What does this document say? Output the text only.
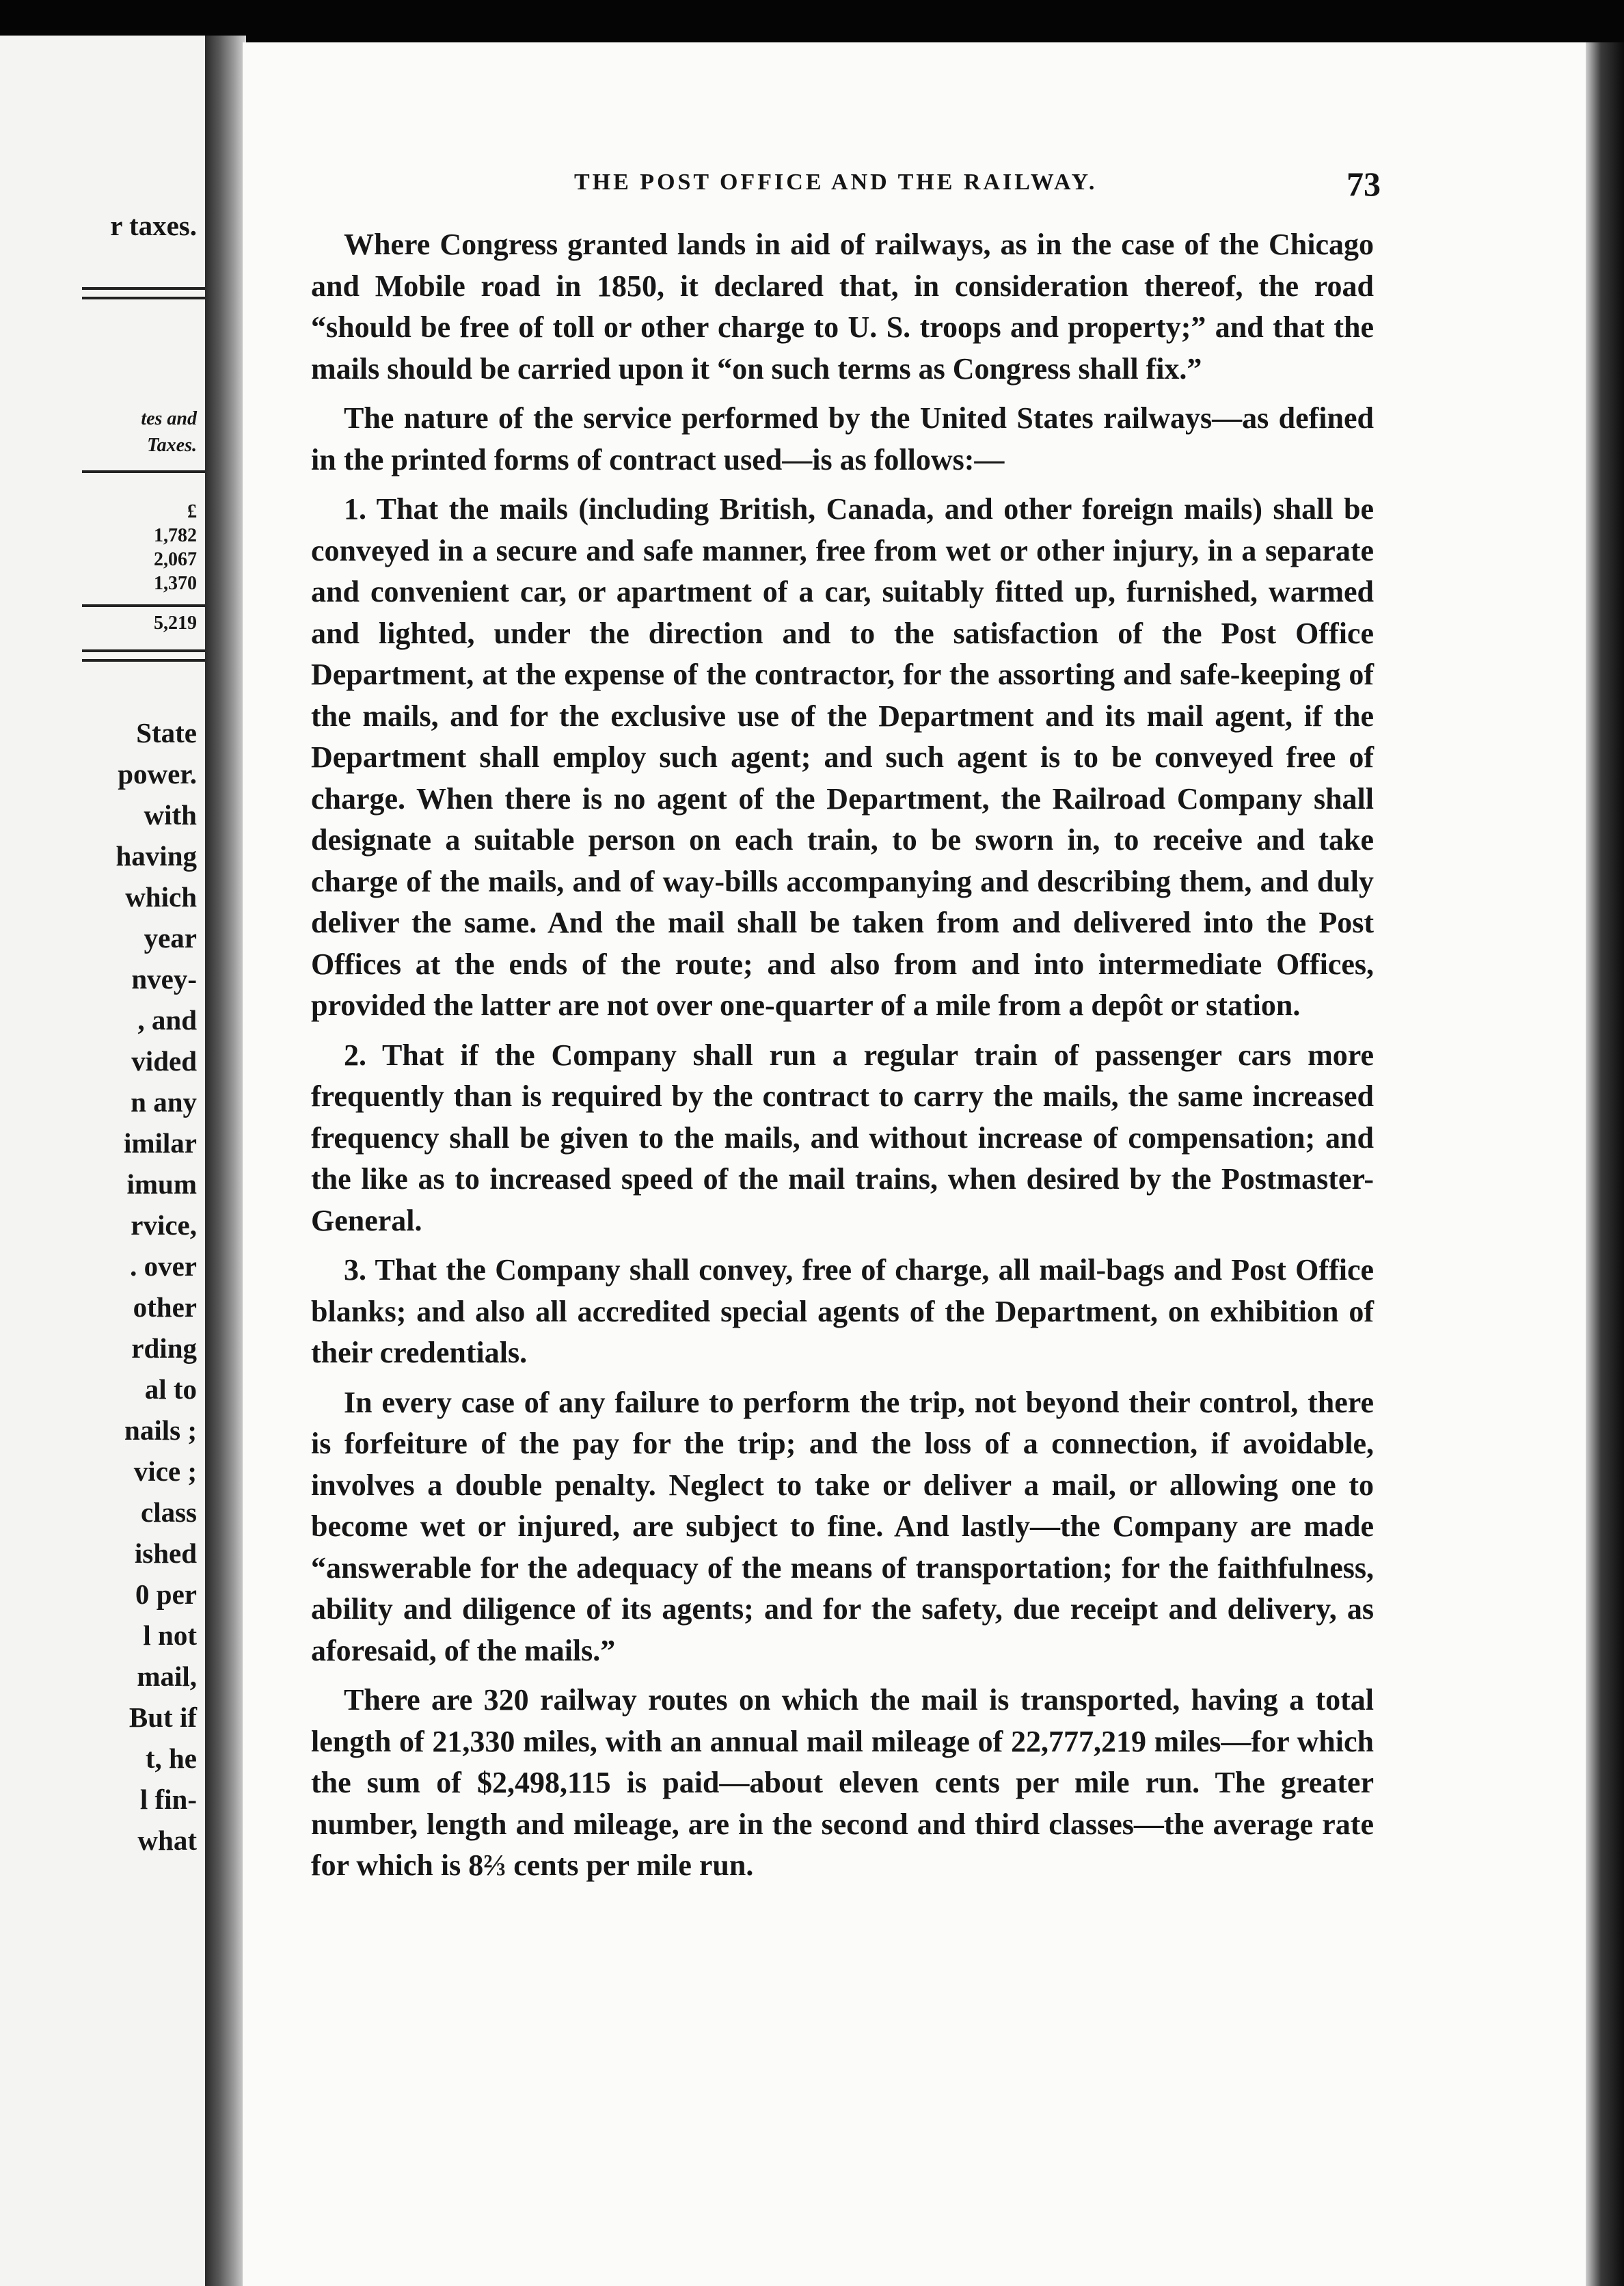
r taxes.
tes and
Taxes.
£
1,782
2,067
1,370
5,219
State
power.
with
having
which
year
nvey-
, and
vided
n any
imilar
imum
rvice,
. over
other
rding
al to
nails ;
vice ;
class
ished
0 per
l not
mail,
But if
t, he
l fin-
what
THE POST OFFICE AND THE RAILWAY.	73

Where Congress granted lands in aid of railways, as in the case of the Chicago and Mobile road in 1850, it declared that, in consideration thereof, the road “should be free of toll or other charge to U. S. troops and property;” and that the mails should be carried upon it “on such terms as Congress shall fix.”

The nature of the service performed by the United States railways—as defined in the printed forms of contract used—is as follows:—

1. That the mails (including British, Canada, and other foreign mails) shall be conveyed in a secure and safe manner, free from wet or other injury, in a separate and convenient car, or apartment of a car, suitably fitted up, furnished, warmed and lighted, under the direction and to the satisfaction of the Post Office Department, at the expense of the contractor, for the assorting and safe-keeping of the mails, and for the exclusive use of the Department and its mail agent, if the Department shall employ such agent; and such agent is to be conveyed free of charge. When there is no agent of the Department, the Railroad Company shall designate a suitable person on each train, to be sworn in, to receive and take charge of the mails, and of way-bills accompanying and describing them, and duly deliver the same. And the mail shall be taken from and delivered into the Post Offices at the ends of the route; and also from and into intermediate Offices, provided the latter are not over one-quarter of a mile from a depôt or station.

2. That if the Company shall run a regular train of passenger cars more frequently than is required by the contract to carry the mails, the same increased frequency shall be given to the mails, and without increase of compensation; and the like as to increased speed of the mail trains, when desired by the Postmaster-General.

3. That the Company shall convey, free of charge, all mail-bags and Post Office blanks; and also all accredited special agents of the Department, on exhibition of their credentials.

In every case of any failure to perform the trip, not beyond their control, there is forfeiture of the pay for the trip; and the loss of a connection, if avoidable, involves a double penalty. Neglect to take or deliver a mail, or allowing one to become wet or injured, are subject to fine. And lastly—the Company are made “answerable for the adequacy of the means of transportation; for the faithfulness, ability and diligence of its agents; and for the safety, due receipt and delivery, as aforesaid, of the mails.”

There are 320 railway routes on which the mail is transported, having a total length of 21,330 miles, with an annual mail mileage of 22,777,219 miles—for which the sum of $2,498,115 is paid—about eleven cents per mile run. The greater number, length and mileage, are in the second and third classes—the average rate for which is 8⅔ cents per mile run.
